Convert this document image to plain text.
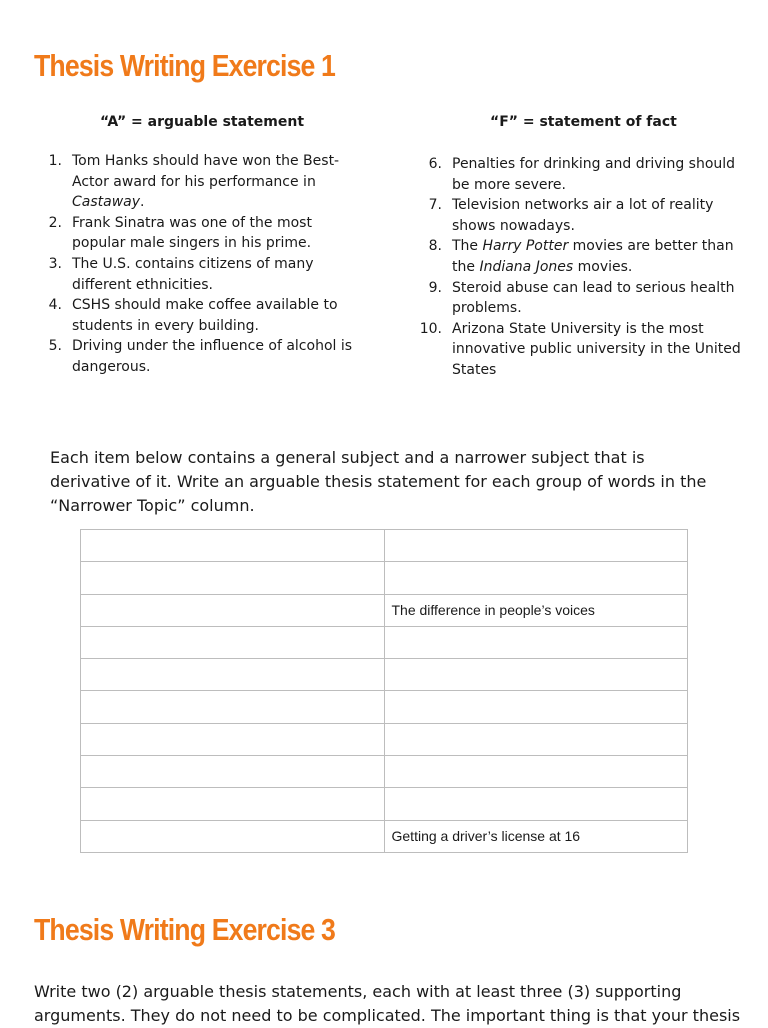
Thesis Writing Exercise 1
“A” = arguable statement	“F” = statement of fact
1. Tom Hanks should have won the Best-Actor award for his performance in Castaway.
2. Frank Sinatra was one of the most popular male singers in his prime.
3. The U.S. contains citizens of many different ethnicities.
4. CSHS should make coffee available to students in every building.
5. Driving under the influence of alcohol is dangerous.
6. Penalties for drinking and driving should be more severe.
7. Television networks air a lot of reality shows nowadays.
8. The Harry Potter movies are better than the Indiana Jones movies.
9. Steroid abuse can lead to serious health problems.
10. Arizona State University is the most innovative public university in the United States

Each item below contains a general subject and a narrower subject that is derivative of it. Write an arguable thesis statement for each group of words in the “Narrower Topic” column.

	The difference in people’s voices

	Getting a driver’s license at 16
Thesis Writing Exercise 3

Write two (2) arguable thesis statements, each with at least three (3) supporting arguments. They do not need to be complicated. The important thing is that your thesis
